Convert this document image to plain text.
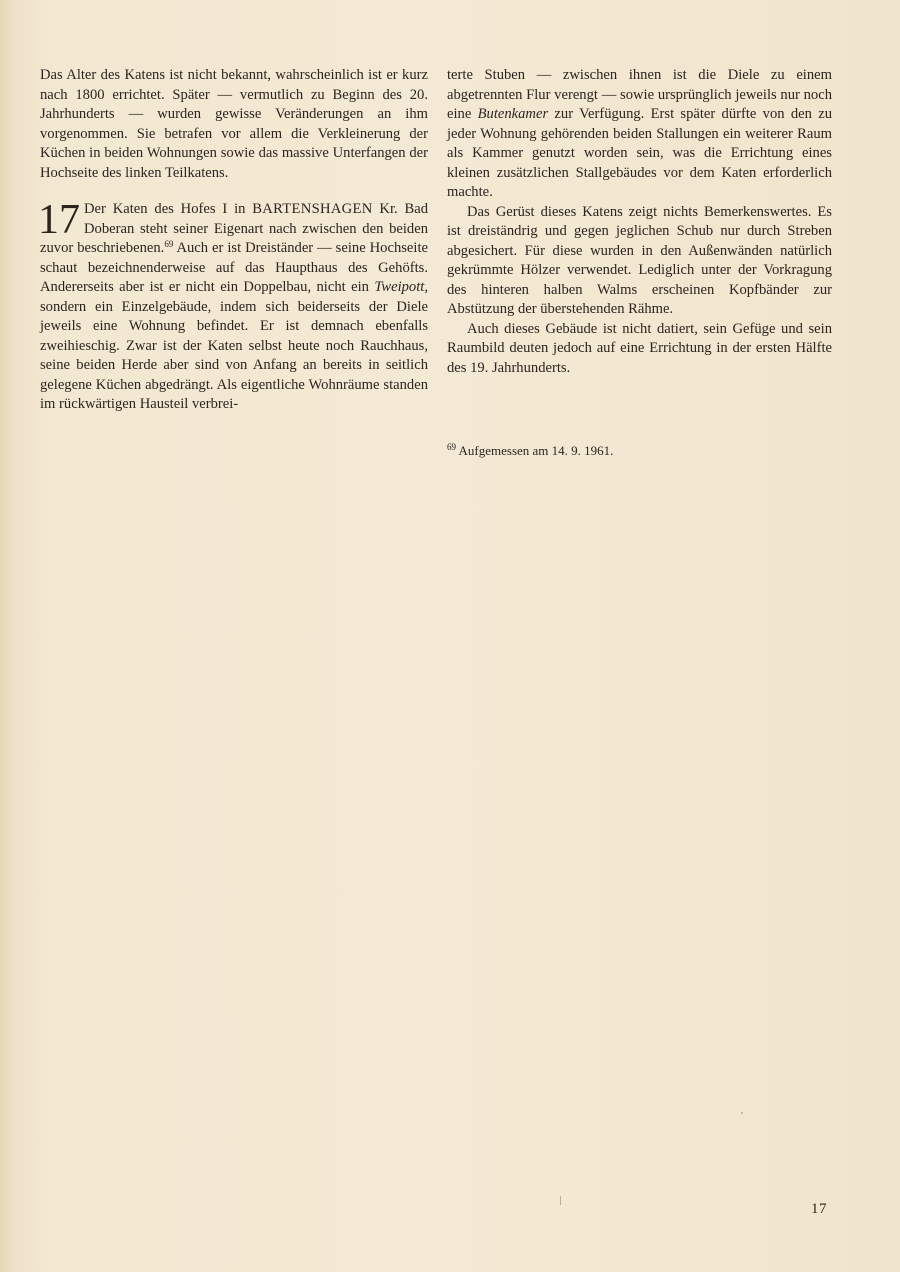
Das Alter des Katens ist nicht bekannt, wahrscheinlich ist er kurz nach 1800 errichtet. Später — vermutlich zu Beginn des 20. Jahrhunderts — wurden gewisse Veränderungen an ihm vorgenommen. Sie betrafen vor allem die Verkleinerung der Küchen in beiden Wohnungen sowie das massive Unterfangen der Hochseite des linken Teilkatens.

17 Der Katen des Hofes I in BARTENSHAGEN Kr. Bad Doberan steht seiner Eigenart nach zwischen den beiden zuvor beschriebenen.$^{69}$ Auch er ist Dreiständer — seine Hochseite schaut bezeichnenderweise auf das Haupthaus des Gehöfts. Andererseits aber ist er nicht ein Doppelbau, nicht ein Tweipott, sondern ein Einzelgebäude, indem sich beiderseits der Diele jeweils eine Wohnung befindet. Er ist demnach ebenfalls zweihieschig. Zwar ist der Katen selbst heute noch Rauchhaus, seine beiden Herde aber sind von Anfang an bereits in seitlich gelegene Küchen abgedrängt. Als eigentliche Wohnräume standen im rückwärtigen Hausteil verbrei-

terte Stuben — zwischen ihnen ist die Diele zu einem abgetrennten Flur verengt — sowie ursprünglich jeweils nur noch eine Butenkamer zur Verfügung. Erst später dürfte von den zu jeder Wohnung gehörenden beiden Stallungen ein weiterer Raum als Kammer genutzt worden sein, was die Errichtung eines kleinen zusätzlichen Stallgebäudes vor dem Katen erforderlich machte.

Das Gerüst dieses Katens zeigt nichts Bemerkenswertes. Es ist dreiständrig und gegen jeglichen Schub nur durch Streben abgesichert. Für diese wurden in den Außenwänden natürlich gekrümmte Hölzer verwendet. Lediglich unter der Vorkragung des hinteren halben Walms erscheinen Kopfbänder zur Abstützung der überstehenden Rähme.

Auch dieses Gebäude ist nicht datiert, sein Gefüge und sein Raumbild deuten jedoch auf eine Errichtung in der ersten Hälfte des 19. Jahrhunderts.

$^{69}$ Aufgemessen am 14. 9. 1961.
17
